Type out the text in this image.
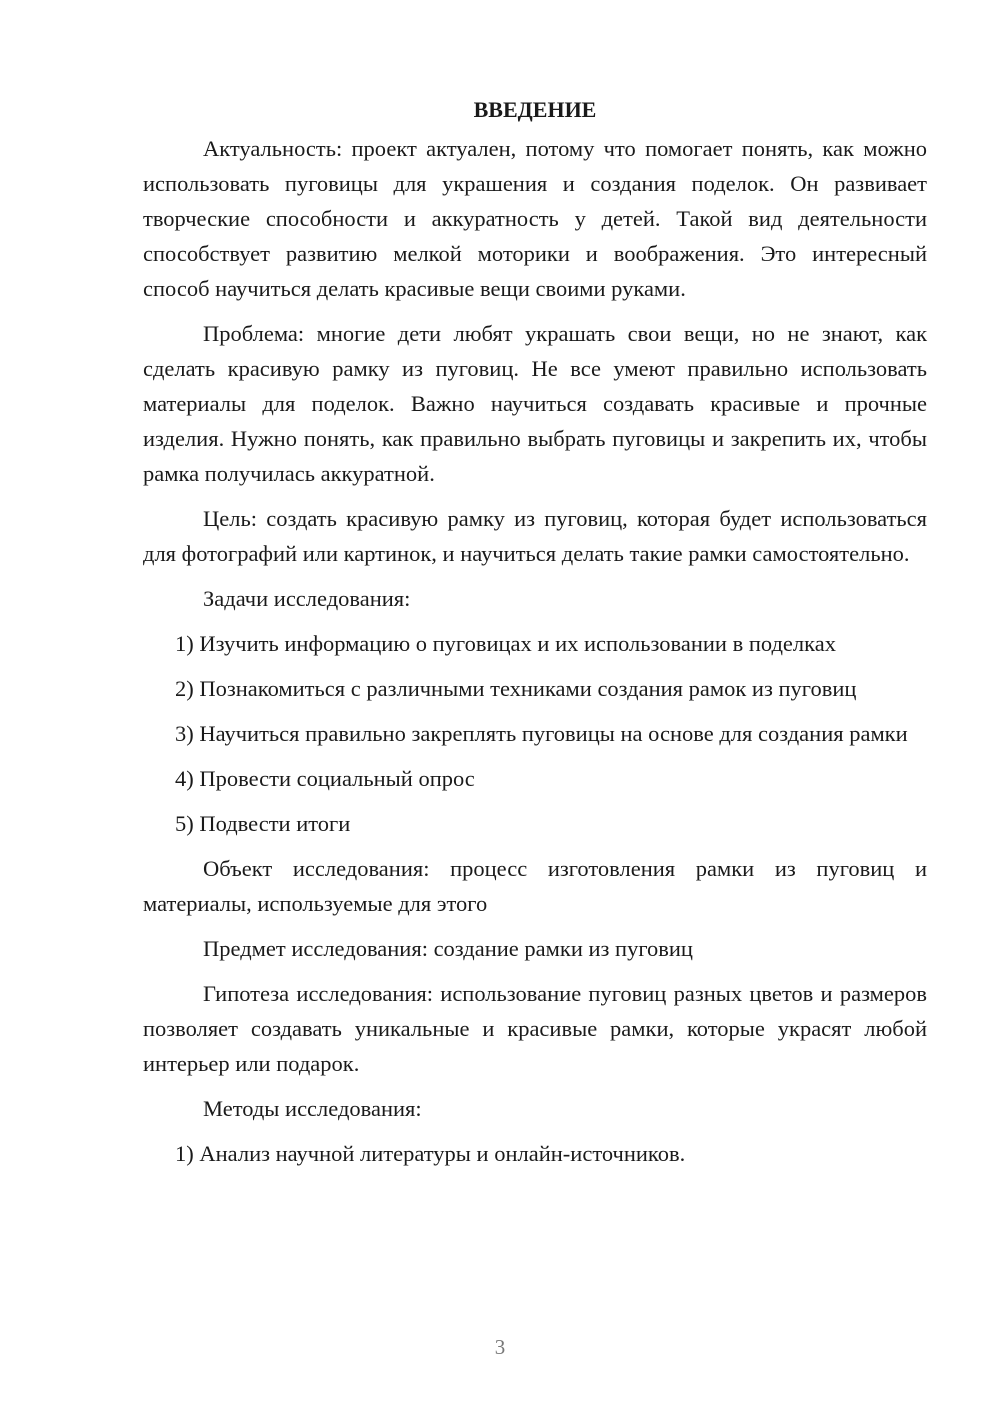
ВВЕДЕНИЕ

Актуальность: проект актуален, потому что помогает понять, как можно использовать пуговицы для украшения и создания поделок. Он развивает творческие способности и аккуратность у детей. Такой вид деятельности способствует развитию мелкой моторики и воображения. Это интересный способ научиться делать красивые вещи своими руками.

Проблема: многие дети любят украшать свои вещи, но не знают, как сделать красивую рамку из пуговиц. Не все умеют правильно использовать материалы для поделок. Важно научиться создавать красивые и прочные изделия. Нужно понять, как правильно выбрать пуговицы и закрепить их, чтобы рамка получилась аккуратной.

Цель: создать красивую рамку из пуговиц, которая будет использоваться для фотографий или картинок, и научиться делать такие рамки самостоятельно.

Задачи исследования:

1) Изучить информацию о пуговицах и их использовании в поделках

2) Познакомиться с различными техниками создания рамок из пуговиц

3) Научиться правильно закреплять пуговицы на основе для создания рамки

4) Провести социальный опрос

5) Подвести итоги

Объект исследования: процесс изготовления рамки из пуговиц и материалы, используемые для этого

Предмет исследования: создание рамки из пуговиц

Гипотеза исследования: использование пуговиц разных цветов и размеров позволяет создавать уникальные и красивые рамки, которые украсят любой интерьер или подарок.

Методы исследования:

1) Анализ научной литературы и онлайн-источников.

3
